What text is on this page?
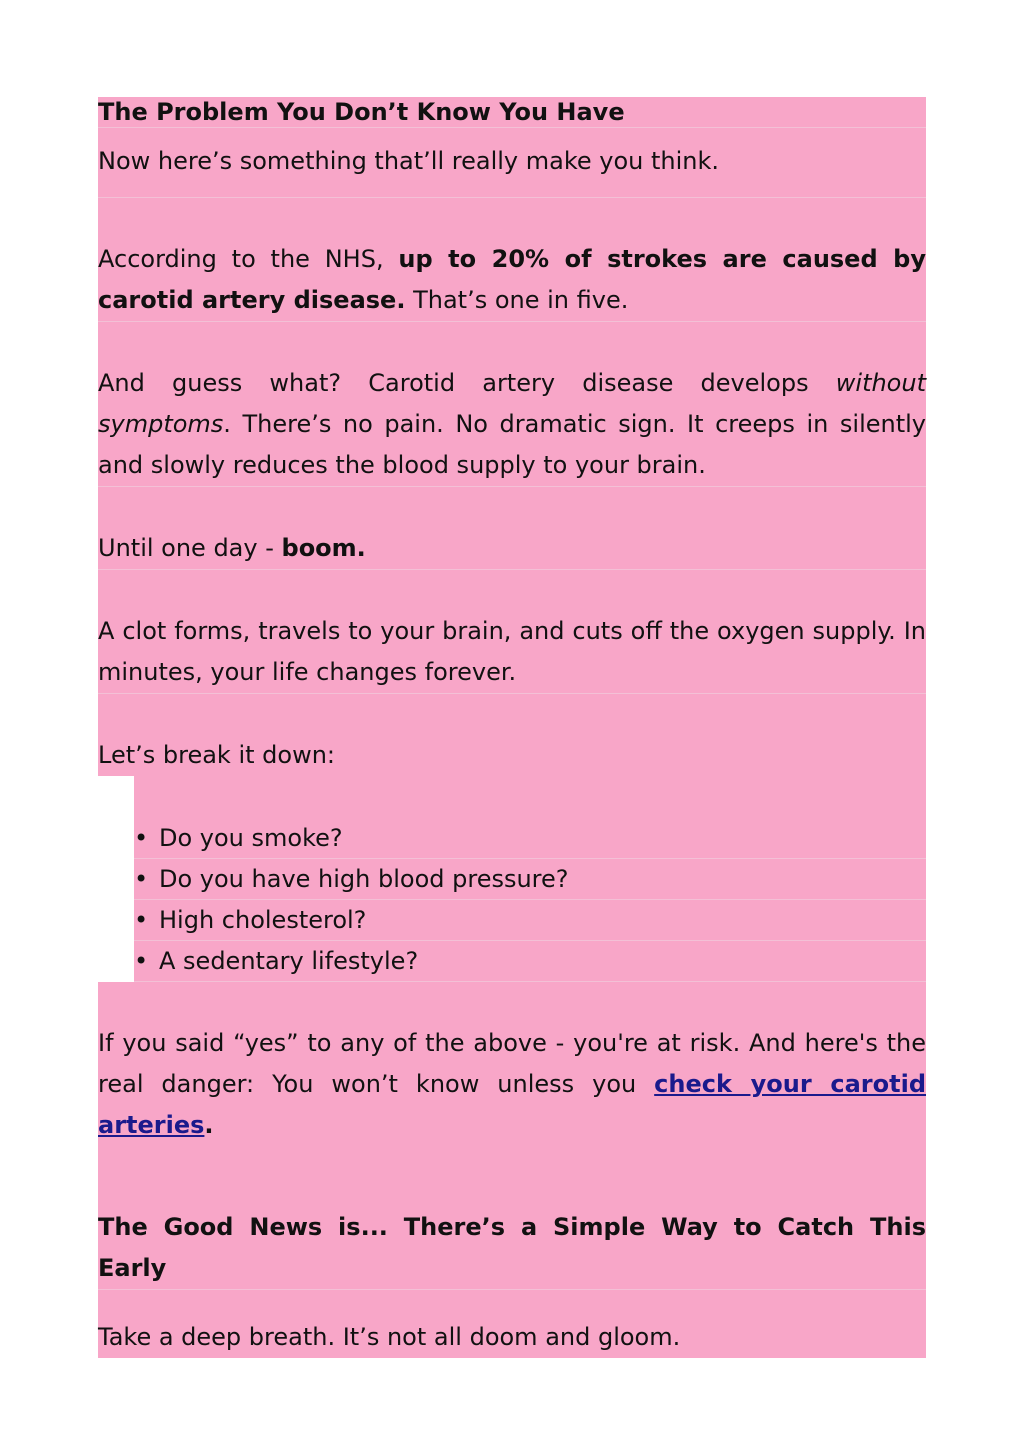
The Problem You Don’t Know You Have
Now here’s something that’ll really make you think.
According to the NHS, up to 20% of strokes are caused by carotid artery disease. That’s one in five.
And guess what? Carotid artery disease develops without symptoms. There’s no pain. No dramatic sign. It creeps in silently and slowly reduces the blood supply to your brain.
Until one day - boom.
A clot forms, travels to your brain, and cuts off the oxygen supply. In minutes, your life changes forever.
Let’s break it down:
• Do you smoke?
• Do you have high blood pressure?
• High cholesterol?
• A sedentary lifestyle?
If you said “yes” to any of the above - you're at risk. And here's the real danger: You won’t know unless you check your carotid arteries.
The Good News is... There’s a Simple Way to Catch This Early
Take a deep breath. It’s not all doom and gloom.
